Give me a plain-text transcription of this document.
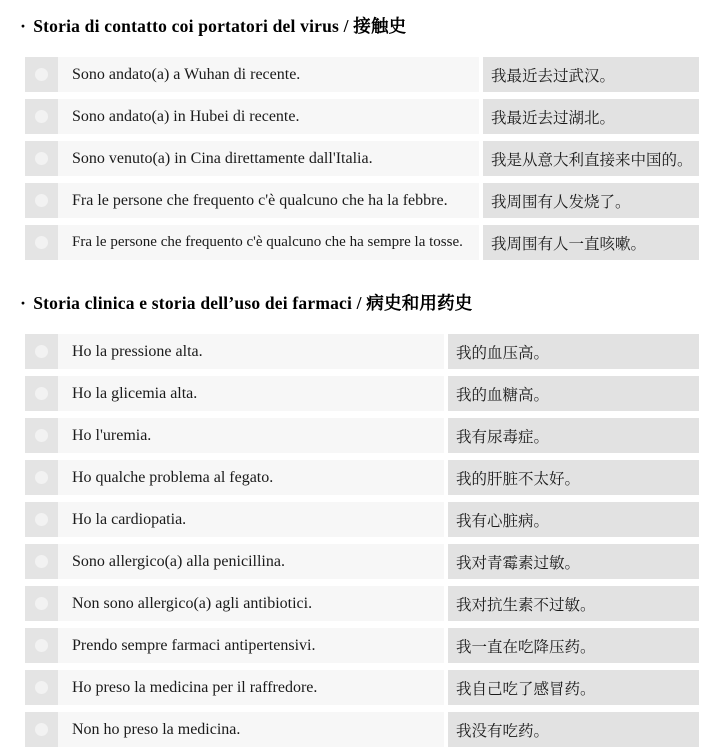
· Storia di contatto coi portatori del virus / 接触史
Sono andato(a) a Wuhan di recente.	我最近去过武汉。
Sono andato(a) in Hubei di recente.	我最近去过湖北。
Sono venuto(a) in Cina direttamente dall'Italia.	我是从意大利直接来中国的。
Fra le persone che frequento c'è qualcuno che ha la febbre.	我周围有人发烧了。
Fra le persone che frequento c'è qualcuno che ha sempre la tosse.	我周围有人一直咳嗽。
· Storia clinica e storia dell’uso dei farmaci / 病史和用药史
Ho la pressione alta.	我的血压高。
Ho la glicemia alta.	我的血糖高。
Ho l'uremia.	我有尿毒症。
Ho qualche problema al fegato.	我的肝脏不太好。
Ho la cardiopatia.	我有心脏病。
Sono allergico(a) alla penicillina.	我对青霉素过敏。
Non sono allergico(a) agli antibiotici.	我对抗生素不过敏。
Prendo sempre farmaci antipertensivi.	我一直在吃降压药。
Ho preso la medicina per il raffredore.	我自己吃了感冒药。
Non ho preso la medicina.	我没有吃药。
